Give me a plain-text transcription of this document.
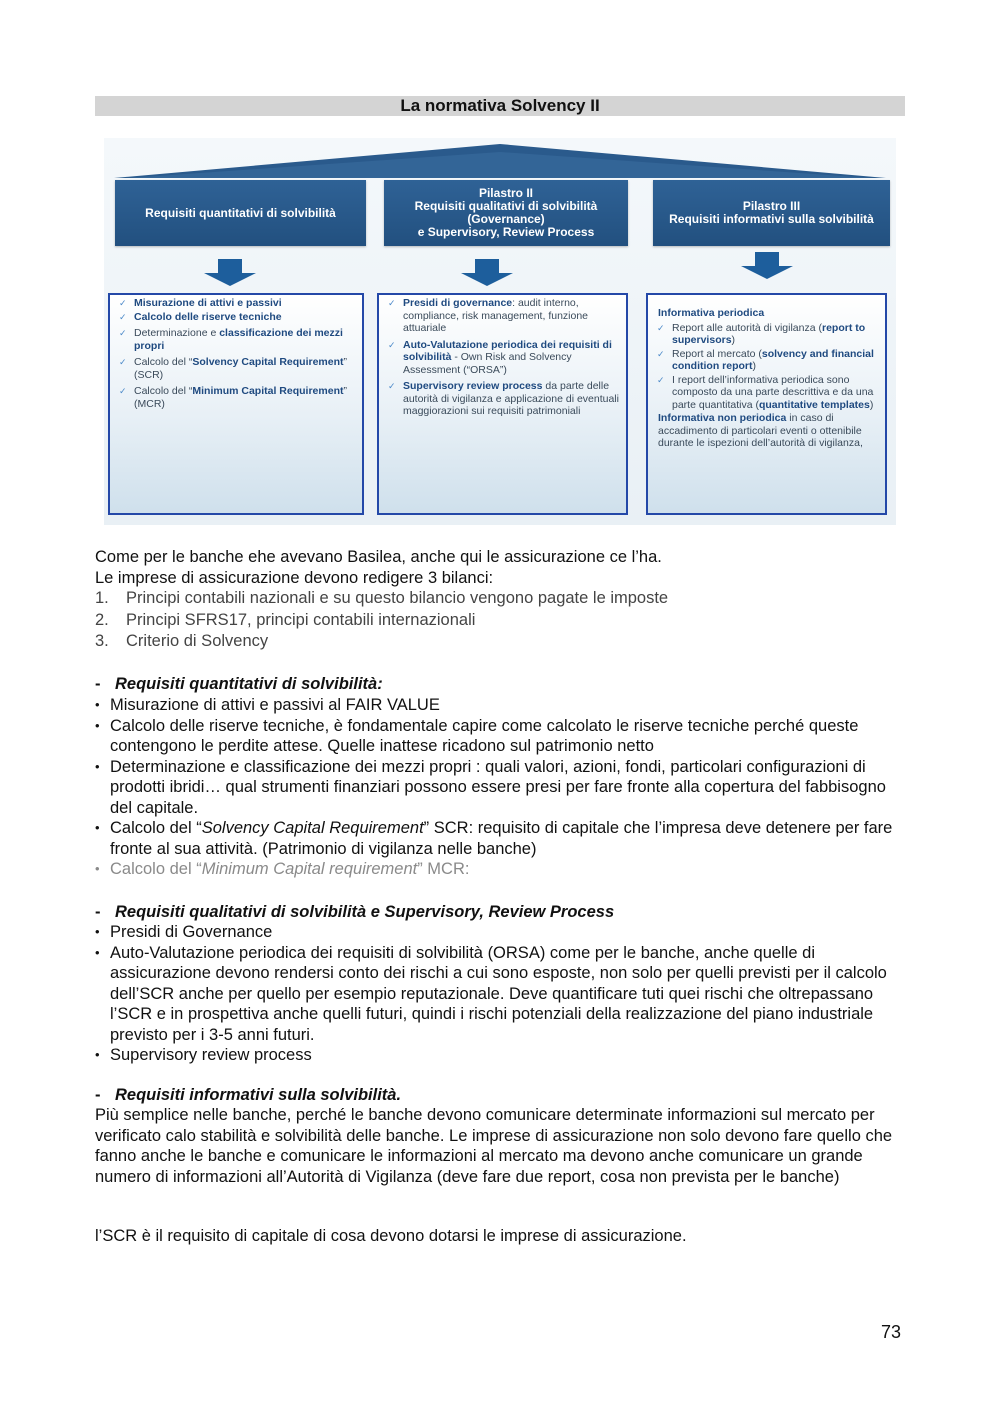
La normativa Solvency II
Requisiti quantitativi di solvibilità
Pilastro II
Requisiti qualitativi di solvibilità
(Governance)
e Supervisory, Review Process
Pilastro III
Requisiti informativi sulla solvibilità
✓ Misurazione di attivi e passivi
✓ Calcolo delle riserve tecniche
✓ Determinazione e classificazione dei mezzi propri
✓ Calcolo del “Solvency Capital Requirement” (SCR)
✓ Calcolo del “Minimum Capital Requirement” (MCR)
✓ Presidi di governance: audit interno, compliance, risk management, funzione attuariale
✓ Auto-Valutazione periodica dei requisiti di solvibilità - Own Risk and Solvency Assessment (“ORSA”)
✓ Supervisory review process da parte delle autorità di vigilanza e applicazione di eventuali maggiorazioni sui requisiti patrimoniali
Informativa periodica
✓ Report alle autorità di vigilanza (report to supervisors)
✓ Report al mercato (solvency and financial condition report)
✓ I report dell’informativa periodica sono composto da una parte descrittiva e da una parte quantitativa (quantitative templates)
Informativa non periodica in caso di accadimento di particolari eventi o ottenibile durante le ispezioni dell’autorità di vigilanza,
Come per le banche ehe avevano Basilea, anche qui le assicurazione ce l’ha.
Le imprese di assicurazione devono redigere 3 bilanci:
1. Principi contabili nazionali e su questo bilancio vengono pagate le imposte
2. Principi SFRS17, principi contabili internazionali
3. Criterio di Solvency
- Requisiti quantitativi di solvibilità:
• Misurazione di attivi e passivi al FAIR VALUE
• Calcolo delle riserve tecniche, è fondamentale capire come calcolato le riserve tecniche perché queste contengono le perdite attese. Quelle inattese ricadono sul patrimonio netto
• Determinazione e classificazione dei mezzi propri : quali valori, azioni, fondi, particolari configurazioni di prodotti ibridi… qual strumenti finanziari possono essere presi per fare fronte alla copertura del fabbisogno del capitale.
• Calcolo del “Solvency Capital Requirement” SCR: requisito di capitale che l’impresa deve detenere per fare fronte al sua attività. (Patrimonio di vigilanza nelle banche)
• Calcolo del “Minimum Capital requirement” MCR:
- Requisiti qualitativi di solvibilità e Supervisory, Review Process
• Presidi di Governance
• Auto-Valutazione periodica dei requisiti di solvibilità (ORSA) come per le banche, anche quelle di assicurazione devono rendersi conto dei rischi a cui sono esposte, non solo per quelli previsti per il calcolo dell’SCR anche per quello per esempio reputazionale. Deve quantificare tuti quei rischi che oltrepassano l’SCR e in prospettiva anche quelli futuri, quindi i rischi potenziali della realizzazione del piano industriale previsto per i 3-5 anni futuri.
• Supervisory review process
- Requisiti informativi sulla solvibilità.
Più semplice nelle banche, perché le banche devono comunicare determinate informazioni sul mercato per verificato calo stabilità e solvibilità delle banche. Le imprese di assicurazione non solo devono fare quello che fanno anche le banche e comunicare le informazioni al mercato ma devono anche comunicare un grande numero di informazioni all’Autorità di Vigilanza (deve fare due report, cosa non prevista per le banche)
l’SCR è il requisito di capitale di cosa devono dotarsi le imprese di assicurazione.
73
